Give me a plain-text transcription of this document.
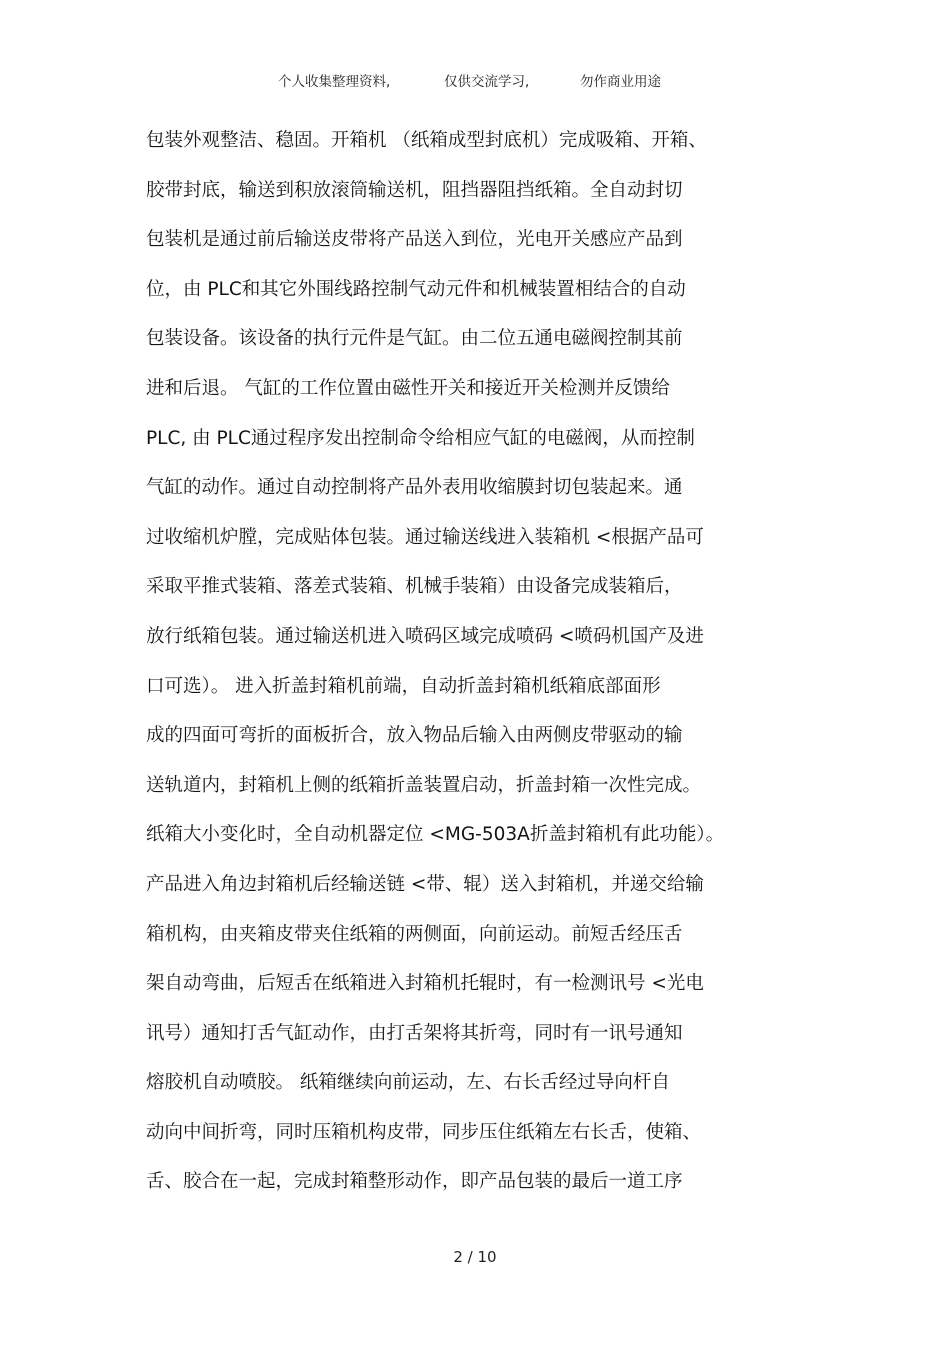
个人收集整理资料,	仅供交流学习,	勿作商业用途
包装外观整洁、稳固。开箱机 （纸箱成型封底机）完成吸箱、开箱、
胶带封底，输送到积放滚筒输送机，阻挡器阻挡纸箱。全自动封切
包装机是通过前后输送皮带将产品送入到位，光电开关感应产品到
位，由 PLC和其它外围线路控制气动元件和机械装置相结合的自动
包装设备。该设备的执行元件是气缸。由二位五通电磁阀控制其前
进和后退。 气缸的工作位置由磁性开关和接近开关检测并反馈给
PLC, 由 PLC通过程序发出控制命令给相应气缸的电磁阀，从而控制
气缸的动作。通过自动控制将产品外表用收缩膜封切包装起来。通
过收缩机炉膛，完成贴体包装。通过输送线进入装箱机 <根据产品可
采取平推式装箱、落差式装箱、机械手装箱）由设备完成装箱后，
放行纸箱包装。通过输送机进入喷码区域完成喷码 <喷码机国产及进
口可选）。 进入折盖封箱机前端，自动折盖封箱机纸箱底部面形
成的四面可弯折的面板折合，放入物品后输入由两侧皮带驱动的输
送轨道内，封箱机上侧的纸箱折盖装置启动，折盖封箱一次性完成。
纸箱大小变化时，全自动机器定位 <MG-503A折盖封箱机有此功能）。
产品进入角边封箱机后经输送链 <带、辊）送入封箱机，并递交给输
箱机构，由夹箱皮带夹住纸箱的两侧面，向前运动。前短舌经压舌
架自动弯曲，后短舌在纸箱进入封箱机托辊时，有一检测讯号 <光电
讯号）通知打舌气缸动作，由打舌架将其折弯，同时有一讯号通知
熔胶机自动喷胶。 纸箱继续向前运动，左、右长舌经过导向杆自
动向中间折弯，同时压箱机构皮带，同步压住纸箱左右长舌，使箱、
舌、胶合在一起，完成封箱整形动作，即产品包装的最后一道工序
2 / 10
